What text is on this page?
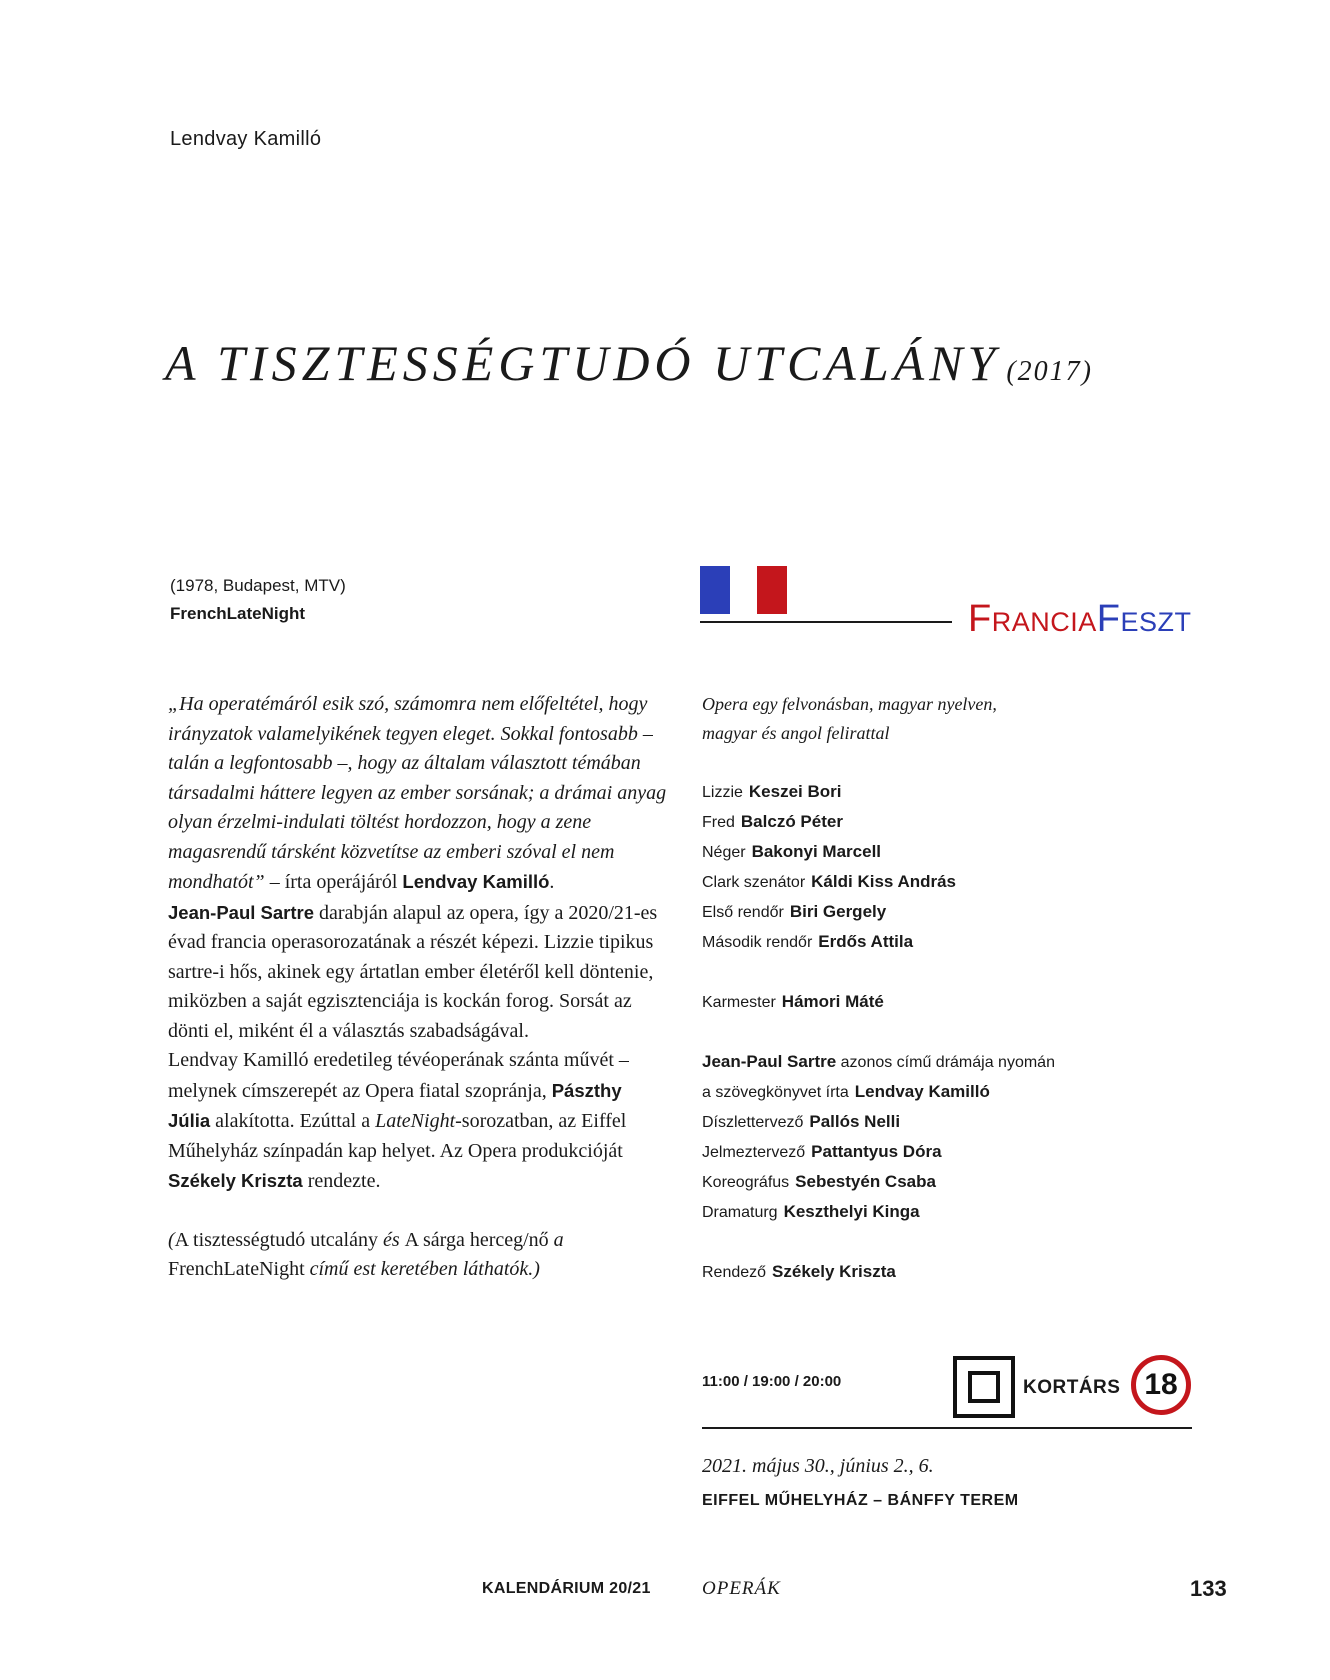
Lendvay Kamilló
A TISZTESSÉGTUDÓ UTCALÁNY (2017)
(1978, Budapest, MTV)
FrenchLateNight

„Ha operatémáról esik szó, számomra nem előfeltétel, hogy irányzatok valamelyikének tegyen eleget. Sokkal fontosabb – talán a legfontosabb –, hogy az általam választott témában társadalmi háttere legyen az ember sorsának; a drámai anyag olyan érzelmi-indulati töltést hordozzon, hogy a zene magasrendű társként közvetítse az emberi szóval el nem mondhatót” – írta operájáról Lendvay Kamilló.

Jean-Paul Sartre darabján alapul az opera, így a 2020/21-es évad francia operasorozatának a részét képezi. Lizzie tipikus sartre-i hős, akinek egy ártatlan ember életéről kell döntenie, miközben a saját egzisztenciája is kockán forog. Sorsát az dönti el, miként él a választás szabadságával.

Lendvay Kamilló eredetileg tévéoperának szánta művét – melynek címszerepét az Opera fiatal szopránja, Pászthy Júlia alakította. Ezúttal a LateNight-sorozatban, az Eiffel Műhelyház színpadán kap helyet. Az Opera produkcióját Székely Kriszta rendezte.

(A tisztességtudó utcalány és A sárga herceg/nő a FrenchLateNight című est keretében láthatók.)

FranciaFeszt
Opera egy felvonásban, magyar nyelven,
magyar és angol felirattal
Lizzie Keszei Bori
Fred Balczó Péter
Néger Bakonyi Marcell
Clark szenátor Káldi Kiss András
Első rendőr Biri Gergely
Második rendőr Erdős Attila
Karmester Hámori Máté
Jean-Paul Sartre azonos című drámája nyomán
a szövegkönyvet írta Lendvay Kamilló
Díszlettervező Pallós Nelli
Jelmeztervező Pattantyus Dóra
Koreográfus Sebestyén Csaba
Dramaturg Keszthelyi Kinga
Rendező Székely Kriszta
11:00 / 19:00 / 20:00	KORTÁRS 18
2021. május 30., június 2., 6.
EIFFEL MŰHELYHÁZ – BÁNFFY TEREM
KALENDÁRIUM 20/21	OPERÁK	133
